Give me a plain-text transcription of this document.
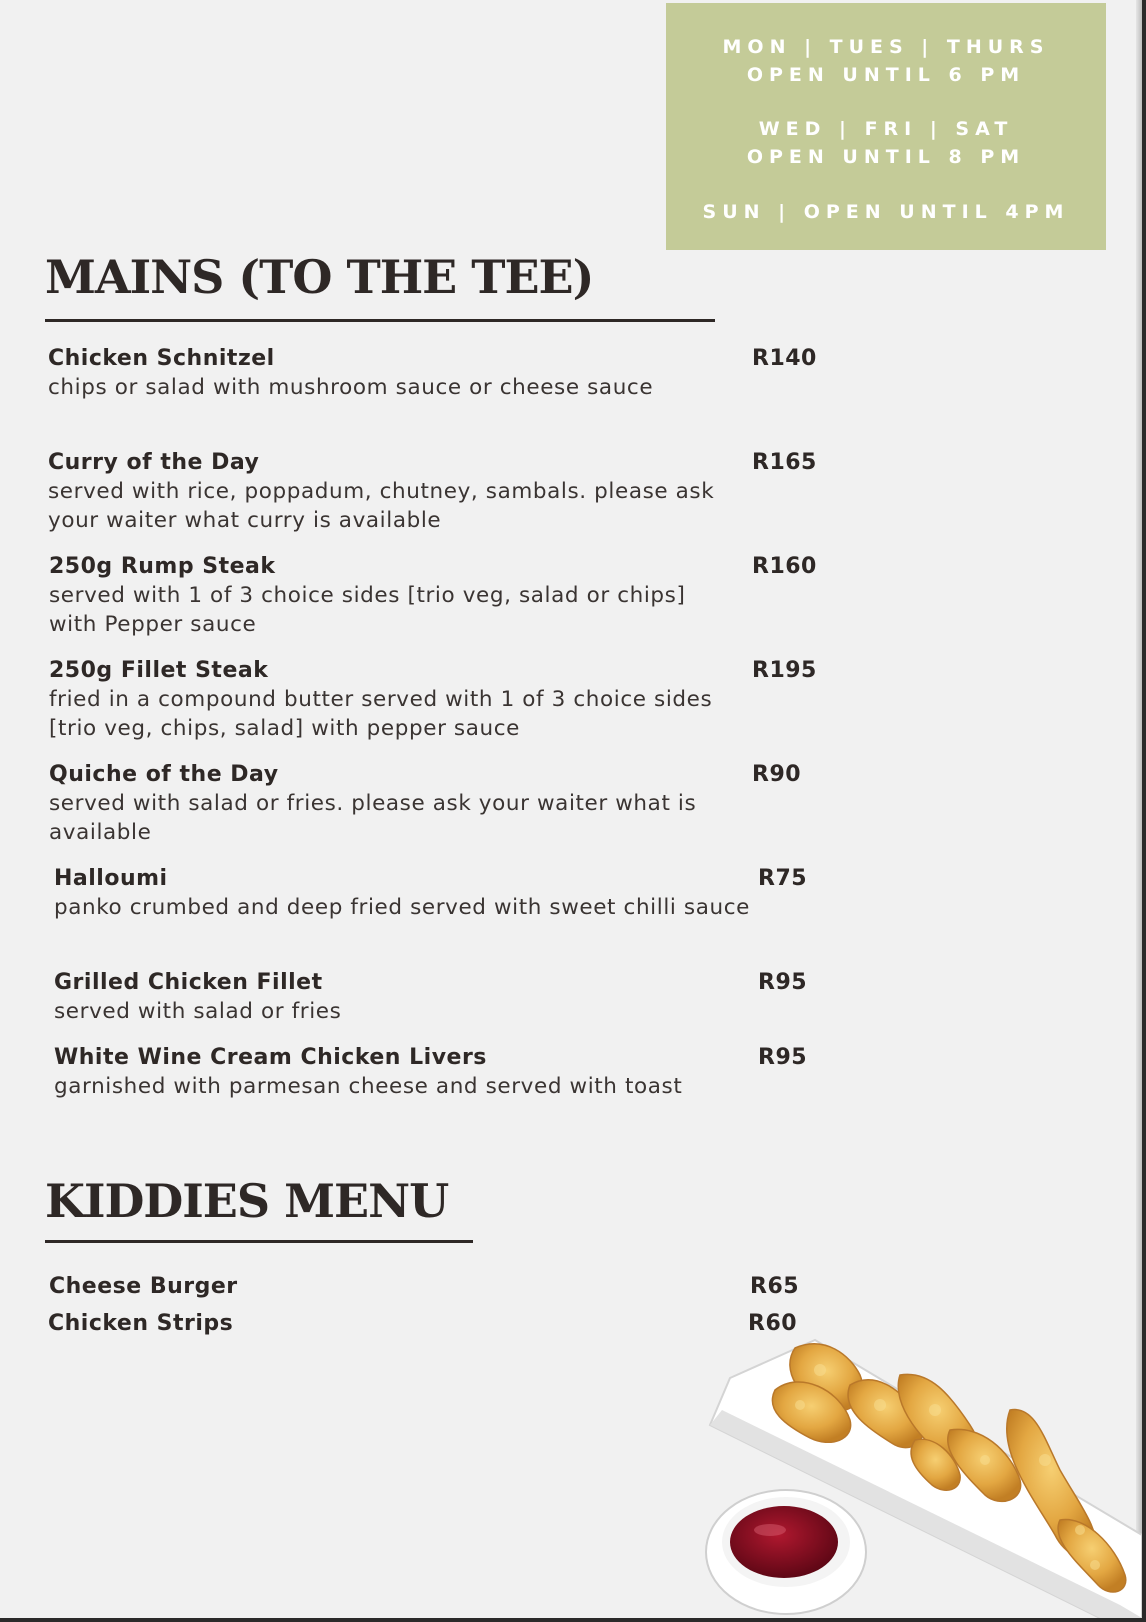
MON | TUES | THURS
OPEN UNTIL 6 PM
WED | FRI | SAT
OPEN UNTIL 8 PM
SUN | OPEN UNTIL 4PM
MAINS (TO THE TEE)
Chicken Schnitzel	R140
chips or salad with mushroom sauce or cheese sauce
Curry of the Day	R165
served with rice, poppadum, chutney, sambals. please ask your waiter what curry is available
250g Rump Steak	R160
served with 1 of 3 choice sides [trio veg, salad or chips] with Pepper sauce
250g Fillet Steak	R195
fried in a compound butter served with 1 of 3 choice sides [trio veg, chips, salad] with pepper sauce
Quiche of the Day	R90
served with salad or fries. please ask your waiter what is available
Halloumi	R75
panko crumbed and deep fried served with sweet chilli sauce
Grilled Chicken Fillet	R95
served with salad or fries
White Wine Cream Chicken Livers	R95
garnished with parmesan cheese and served with toast
KIDDIES MENU
Cheese Burger	R65
Chicken Strips	R60
